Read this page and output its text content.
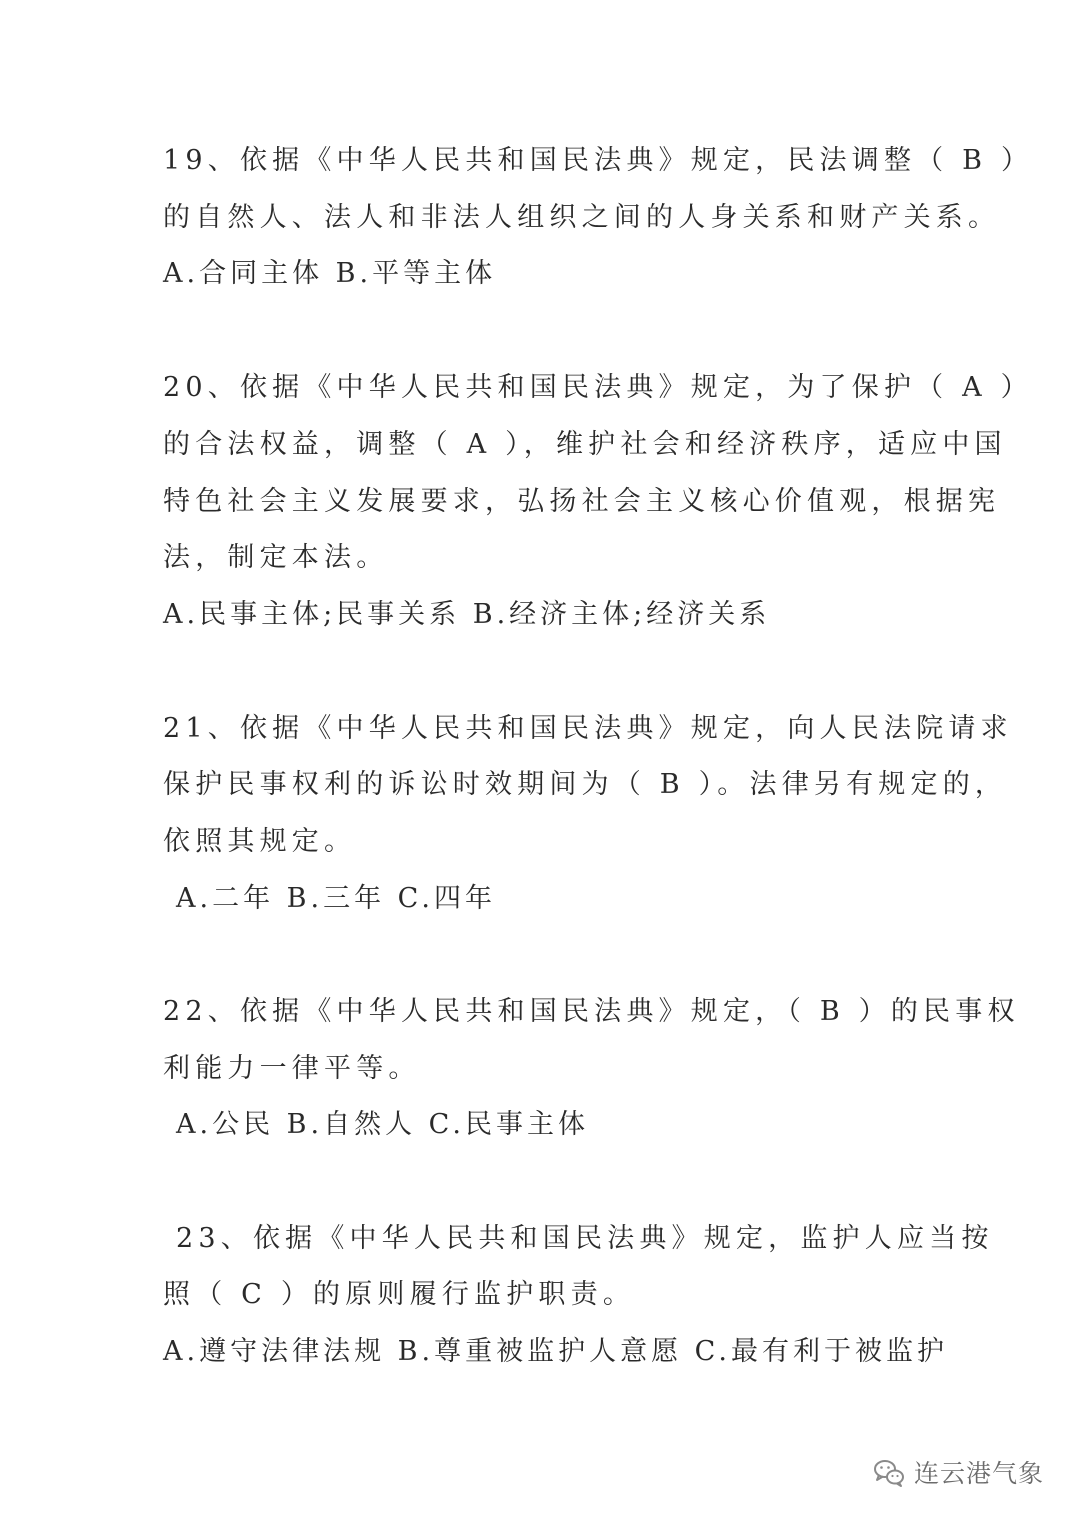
19、依据《中华人民共和国民法典》规定，民法调整（ B ）
的自然人、法人和非法人组织之间的人身关系和财产关系。
A.合同主体 B.平等主体
20、依据《中华人民共和国民法典》规定，为了保护（ A ）
的合法权益，调整（ A ），维护社会和经济秩序，适应中国
特色社会主义发展要求，弘扬社会主义核心价值观，根据宪
法，制定本法。
A.民事主体;民事关系 B.经济主体;经济关系
21、依据《中华人民共和国民法典》规定，向人民法院请求
保护民事权利的诉讼时效期间为（ B ）。法律另有规定的，
依照其规定。
A.二年 B.三年 C.四年
22、依据《中华人民共和国民法典》规定，（ B ）的民事权
利能力一律平等。
A.公民 B.自然人 C.民事主体
23、依据《中华人民共和国民法典》规定，监护人应当按
照（ C ）的原则履行监护职责。
A.遵守法律法规 B.尊重被监护人意愿 C.最有利于被监护
连云港气象
